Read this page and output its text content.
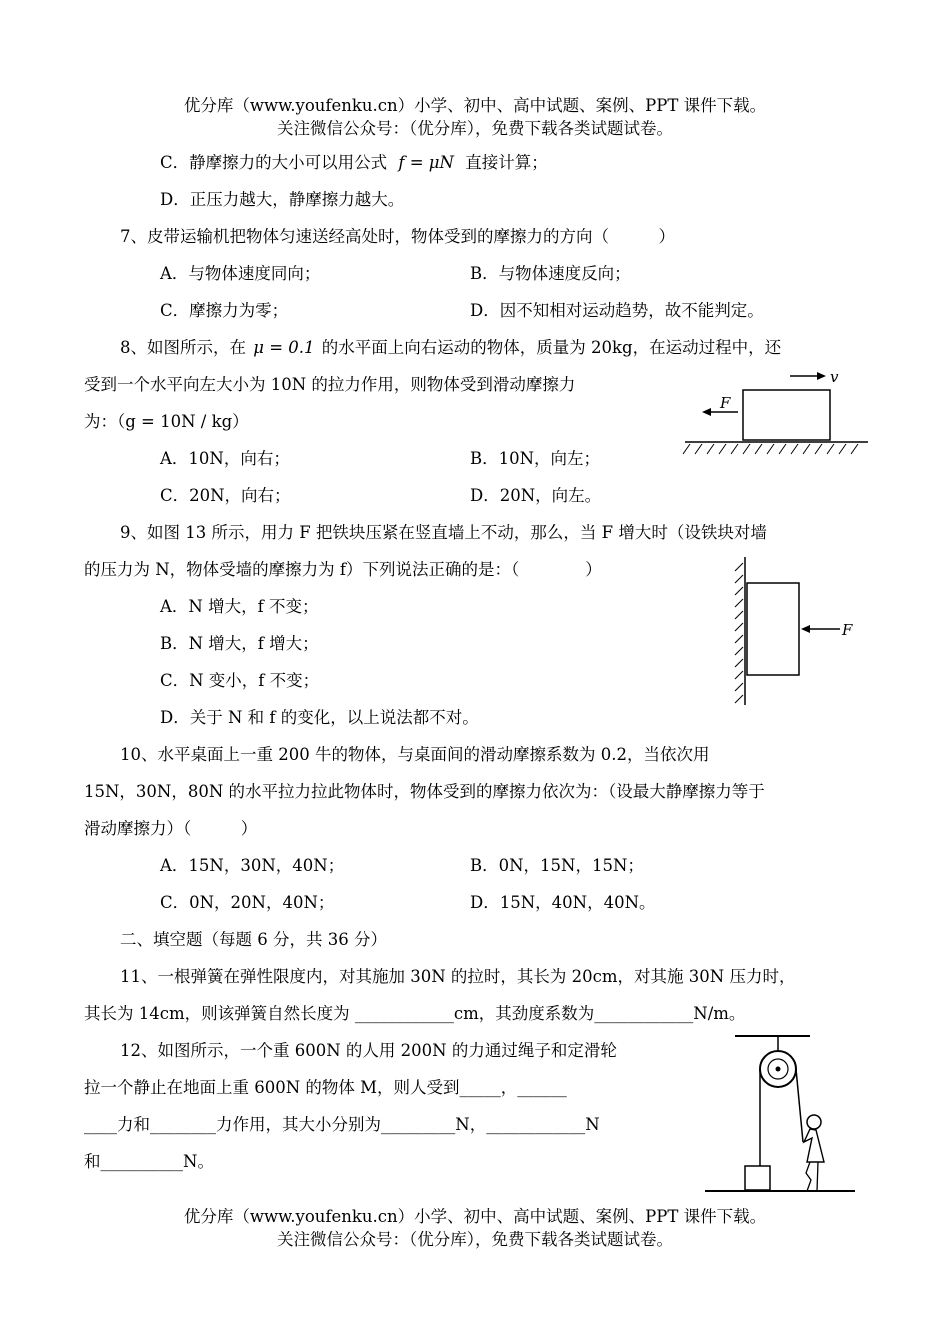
优分库（www.youfenku.cn）小学、初中、高中试题、案例、PPT 课件下载。
关注微信公众号：（优分库），免费下载各类试题试卷。
C．静摩擦力的大小可以用公式 f = μN 直接计算；
D．正压力越大，静摩擦力越大。
7、皮带运输机把物体匀速送经高处时，物体受到的摩擦力的方向（　　　）
A．与物体速度同向；	B．与物体速度反向；
C．摩擦力为零；	D．因不知相对运动趋势，故不能判定。
8、如图所示，在 μ = 0.1 的水平面上向右运动的物体，质量为 20kg，在运动过程中，还
受到一个水平向左大小为 10N 的拉力作用，则物体受到滑动摩擦力
为：（g = 10N / kg）
A．10N，向右；	B．10N，向左；
C．20N，向右；	D．20N，向左。
v
F
9、如图 13 所示，用力 F 把铁块压紧在竖直墙上不动，那么，当 F 增大时（设铁块对墙
的压力为 N，物体受墙的摩擦力为 f）下列说法正确的是：（　　　　）
A．N 增大，f 不变；
B．N 增大，f 增大；
C．N 变小，f 不变；
D．关于 N 和 f 的变化，以上说法都不对。
F
10、水平桌面上一重 200 牛的物体，与桌面间的滑动摩擦系数为 0.2，当依次用
15N，30N，80N 的水平拉力拉此物体时，物体受到的摩擦力依次为：（设最大静摩擦力等于
滑动摩擦力）（　　　）
A．15N，30N，40N；	B．0N，15N，15N；
C．0N，20N，40N；	D．15N，40N，40N。
二、填空题（每题 6 分，共 36 分）
11、一根弹簧在弹性限度内，对其施加 30N 的拉时，其长为 20cm，对其施 30N 压力时，
其长为 14cm，则该弹簧自然长度为 ____________cm，其劲度系数为____________N/m。
12、如图所示，一个重 600N 的人用 200N 的力通过绳子和定滑轮
拉一个静止在地面上重 600N 的物体 M，则人受到_____，______
____力和________力作用，其大小分别为_________N，____________N
和__________N。
优分库（www.youfenku.cn）小学、初中、高中试题、案例、PPT 课件下载。
关注微信公众号：（优分库），免费下载各类试题试卷。
